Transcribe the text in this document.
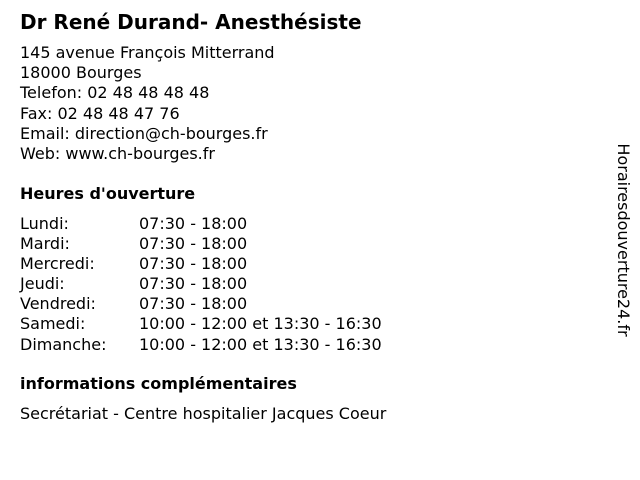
Dr René Durand- Anesthésiste
145 avenue François Mitterrand
18000 Bourges
Telefon: 02 48 48 48 48
Fax: 02 48 48 47 76
Email: direction@ch-bourges.fr
Web: www.ch-bourges.fr
Heures d'ouverture
Lundi:	07:30 - 18:00
Mardi:	07:30 - 18:00
Mercredi:	07:30 - 18:00
Jeudi:	07:30 - 18:00
Vendredi:	07:30 - 18:00
Samedi:	10:00 - 12:00 et 13:30 - 16:30
Dimanche:	10:00 - 12:00 et 13:30 - 16:30
informations complémentaires
Secrétariat - Centre hospitalier Jacques Coeur
Horairesdouverture24.fr
